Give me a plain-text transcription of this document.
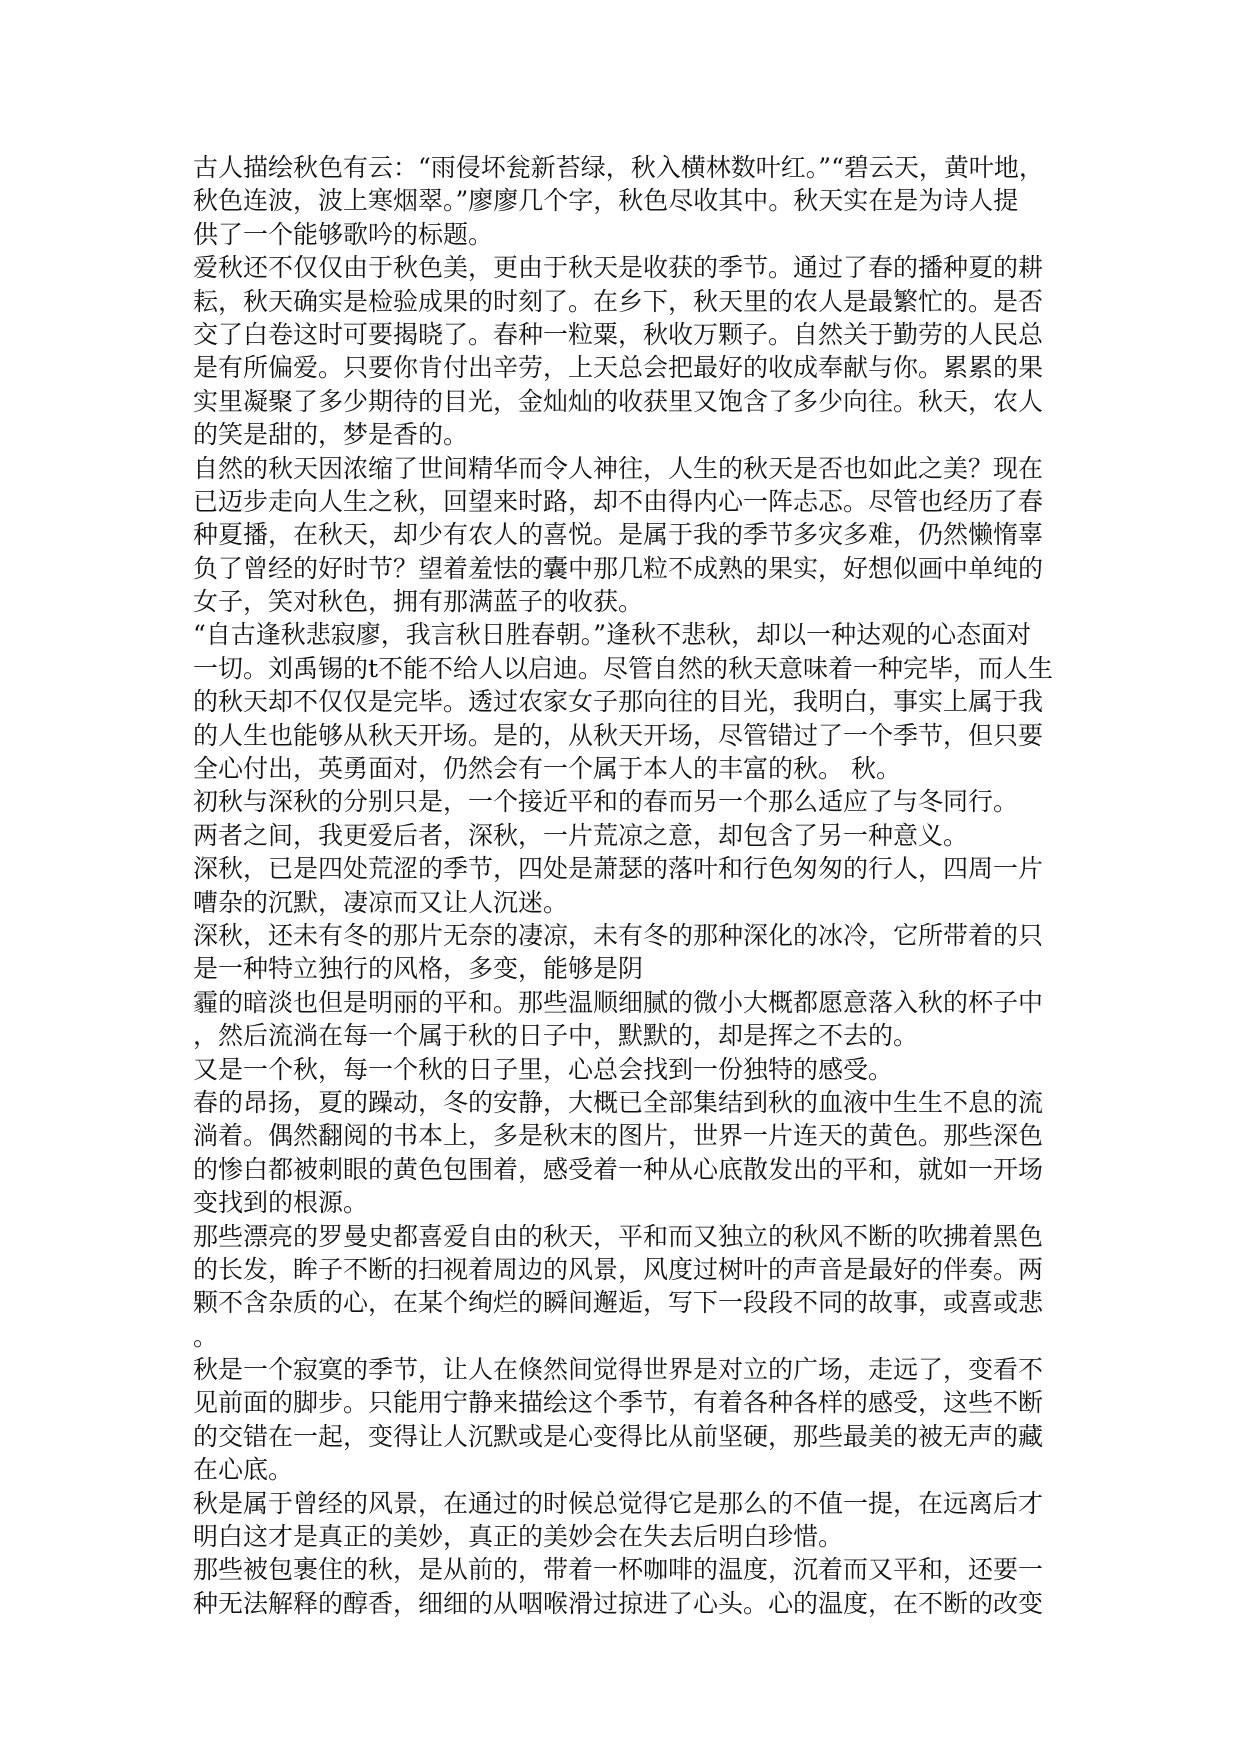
古人描绘秋色有云：“雨侵坏瓮新苔绿，秋入横林数叶红。”“碧云天，黄叶地，
秋色连波，波上寒烟翠。”廖廖几个字，秋色尽收其中。秋天实在是为诗人提
供了一个能够歌吟的标题。
爱秋还不仅仅由于秋色美，更由于秋天是收获的季节。通过了春的播种夏的耕
耘，秋天确实是检验成果的时刻了。在乡下，秋天里的农人是最繁忙的。是否
交了白卷这时可要揭晓了。春种一粒粟，秋收万颗子。自然关于勤劳的人民总
是有所偏爱。只要你肯付出辛劳，上天总会把最好的收成奉献与你。累累的果
实里凝聚了多少期待的目光，金灿灿的收获里又饱含了多少向往。秋天，农人
的笑是甜的，梦是香的。
自然的秋天因浓缩了世间精华而令人神往，人生的秋天是否也如此之美？现在
已迈步走向人生之秋，回望来时路，却不由得内心一阵忐忑。尽管也经历了春
种夏播，在秋天，却少有农人的喜悦。是属于我的季节多灾多难，仍然懒惰辜
负了曾经的好时节？望着羞怯的囊中那几粒不成熟的果实，好想似画中单纯的
女子，笑对秋色，拥有那满蓝子的收获。
“自古逢秋悲寂廖，我言秋日胜春朝。”逢秋不悲秋，却以一种达观的心态面对
一切。刘禹锡的t不能不给人以启迪。尽管自然的秋天意味着一种完毕，而人生
的秋天却不仅仅是完毕。透过农家女子那向往的目光，我明白，事实上属于我
的人生也能够从秋天开场。是的，从秋天开场，尽管错过了一个季节，但只要
全心付出，英勇面对，仍然会有一个属于本人的丰富的秋。 秋。
初秋与深秋的分别只是，一个接近平和的春而另一个那么适应了与冬同行。
两者之间，我更爱后者，深秋，一片荒凉之意，却包含了另一种意义。
深秋，已是四处荒涩的季节，四处是萧瑟的落叶和行色匆匆的行人，四周一片
嘈杂的沉默，凄凉而又让人沉迷。
深秋，还未有冬的那片无奈的凄凉，未有冬的那种深化的冰冷，它所带着的只
是一种特立独行的风格，多变，能够是阴
霾的暗淡也但是明丽的平和。那些温顺细腻的微小大概都愿意落入秋的杯子中
，然后流淌在每一个属于秋的日子中，默默的，却是挥之不去的。
又是一个秋，每一个秋的日子里，心总会找到一份独特的感受。
春的昂扬，夏的躁动，冬的安静，大概已全部集结到秋的血液中生生不息的流
淌着。偶然翻阅的书本上，多是秋末的图片，世界一片连天的黄色。那些深色
的惨白都被刺眼的黄色包围着，感受着一种从心底散发出的平和，就如一开场
变找到的根源。
那些漂亮的罗曼史都喜爱自由的秋天，平和而又独立的秋风不断的吹拂着黑色
的长发，眸子不断的扫视着周边的风景，风度过树叶的声音是最好的伴奏。两
颗不含杂质的心，在某个绚烂的瞬间邂逅，写下一段段不同的故事，或喜或悲
。
秋是一个寂寞的季节，让人在倏然间觉得世界是对立的广场，走远了，变看不
见前面的脚步。只能用宁静来描绘这个季节，有着各种各样的感受，这些不断
的交错在一起，变得让人沉默或是心变得比从前坚硬，那些最美的被无声的藏
在心底。
秋是属于曾经的风景，在通过的时候总觉得它是那么的不值一提，在远离后才
明白这才是真正的美妙，真正的美妙会在失去后明白珍惜。
那些被包裹住的秋，是从前的，带着一杯咖啡的温度，沉着而又平和，还要一
种无法解释的醇香，细细的从咽喉滑过掠进了心头。心的温度，在不断的改变
